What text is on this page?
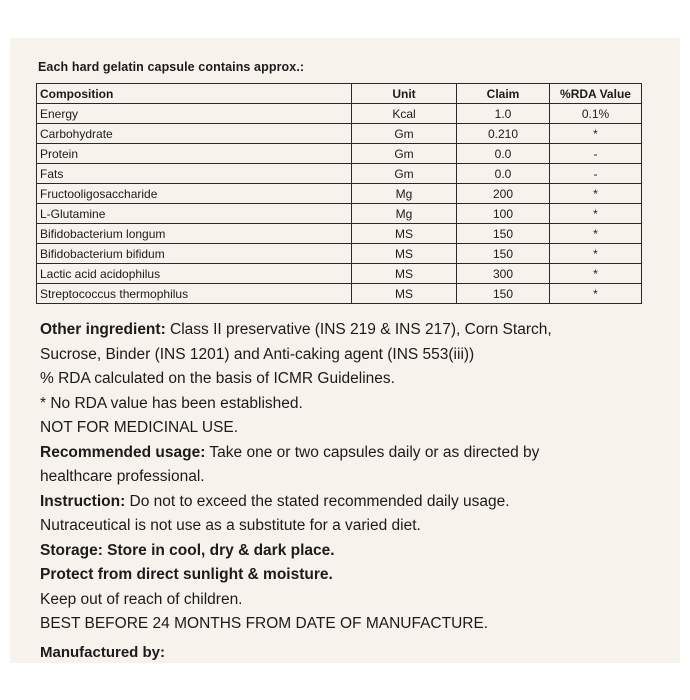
Each hard gelatin capsule contains approx.:
Composition	Unit	Claim	%RDA Value
Energy	Kcal	1.0	0.1%
Carbohydrate	Gm	0.210	*
Protein	Gm	0.0	-
Fats	Gm	0.0	-
Fructooligosaccharide	Mg	200	*
L-Glutamine	Mg	100	*
Bifidobacterium longum	MS	150	*
Bifidobacterium bifidum	MS	150	*
Lactic acid acidophilus	MS	300	*
Streptococcus thermophilus	MS	150	*

Other ingredient: Class II preservative (INS 219 & INS 217), Corn Starch,

Sucrose, Binder (INS 1201) and Anti-caking agent (INS 553(iii))

% RDA calculated on the basis of ICMR Guidelines.

* No RDA value has been established.

NOT FOR MEDICINAL USE.

Recommended usage: Take one or two capsules daily or as directed by

healthcare professional.

Instruction: Do not to exceed the stated recommended daily usage.

Nutraceutical is not use as a substitute for a varied diet.

Storage: Store in cool, dry & dark place.

Protect from direct sunlight & moisture.

Keep out of reach of children.

BEST BEFORE 24 MONTHS FROM DATE OF MANUFACTURE.

Manufactured by:
